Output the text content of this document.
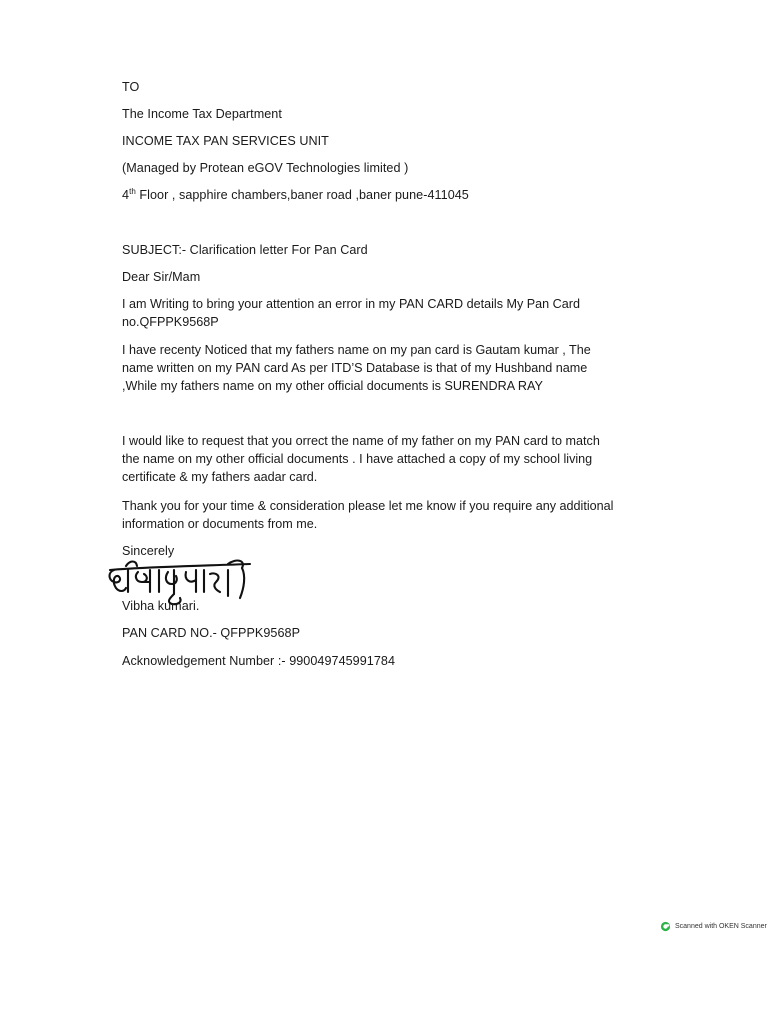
TO
The Income Tax Department
INCOME TAX PAN SERVICES UNIT
(Managed by Protean eGOV Technologies limited )
4th Floor , sapphire chambers,baner road ,baner pune-411045
SUBJECT:- Clarification letter For Pan Card
Dear Sir/Mam
I am Writing to bring your attention an error in my PAN CARD details My Pan Card
no.QFPPK9568P
I have recenty Noticed that my fathers name on my pan card is Gautam kumar , The
name written on my PAN card As per ITD’S Database is that of my Hushband name
,While my fathers name on my other official documents is SURENDRA RAY
I would like to request that you orrect the name of my father on my PAN card to match
the name on my other official documents . I have attached a copy of my school living
certificate & my fathers aadar card.
Thank you for your time & consideration please let me know if you require any additional
information or documents from me.
Sincerely
Vibha kumari.
PAN CARD NO.- QFPPK9568P
Acknowledgement Number :- 990049745991784
Scanned with OKEN Scanner
